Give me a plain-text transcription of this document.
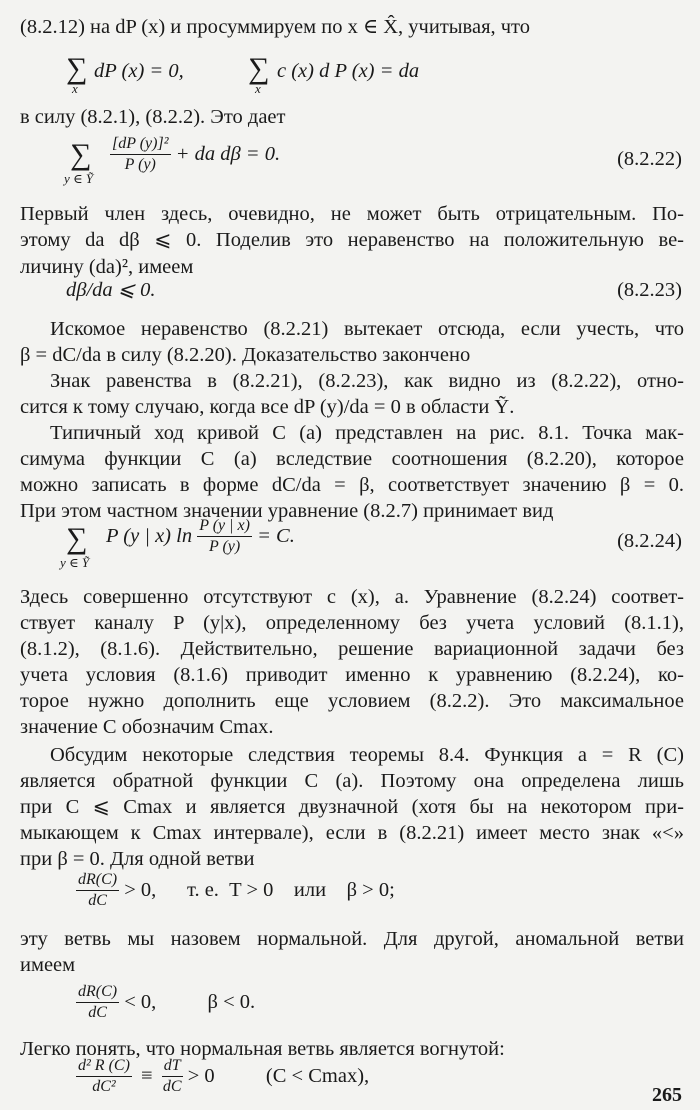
(8.2.12) на dP (x) и просуммируем по x ∈ X̂, учитывая, что
∑
x
dP (x) = 0, ∑
x
c (x) d P (x) = da
в силу (8.2.1), (8.2.2). Это дает
∑
y ∈ Ỹ
$\frac{\text{[dP (y)]²}}{P (y)}$ + da dβ = 0.	(8.2.22)
Первый член здесь, очевидно, не может быть отрицательным. По-
этому da dβ ⩽ 0. Поделив это неравенство на положительную ве-
личину (da)², имеем
dβ/da ⩽ 0.	(8.2.23)
Искомое неравенство (8.2.21) вытекает отсюда, если учесть, что
β = dC/da в силу (8.2.20). Доказательство закончено
Знак равенства в (8.2.21), (8.2.23), как видно из (8.2.22), отно-
сится к тому случаю, когда все dP (y)/da = 0 в области Ỹ.
Типичный ход кривой C (a) представлен на рис. 8.1. Точка мак-
симума функции C (a) вследствие соотношения (8.2.20), которое
можно записать в форме dC/da = β, соответствует значению β = 0.
При этом частном значении уравнение (8.2.7) принимает вид
∑
y ∈ Ỹ
P (y | x) $\ln \frac{P (y | x)}{P (y)} = C$.	(8.2.24)
Здесь совершенно отсутствуют c (x), a. Уравнение (8.2.24) соответ-
ствует каналу P (y|x), определенному без учета условий (8.1.1),
(8.1.2), (8.1.6). Действительно, решение вариационной задачи без
учета условия (8.1.6) приводит именно к уравнению (8.2.24), ко-
торое нужно дополнить еще условием (8.2.2). Это максимальное
значение C обозначим Cmax.
Обсудим некоторые следствия теоремы 8.4. Функция a = R (C)
является обратной функции C (a). Поэтому она определена лишь
при C ⩽ Cmax и является двузначной (хотя бы на некотором при-
мыкающем к Cmax интервале), если в (8.2.21) имеет место знак «<»
при β = 0. Для одной ветви
$\frac{dR(C)}{dC} > 0$,      т. е.  T > 0    или    β > 0;
эту ветвь мы назовем нормальной. Для другой, аномальной ветви
имеем
$\frac{dR(C)}{dC} < 0$,          β < 0.
Легко понять, что нормальная ветвь является вогнутой:
$\frac{\text{d² R (C)}}{\text{dC²}} \equiv \frac{dT}{dC} > 0$          (C < Cmax),
265
